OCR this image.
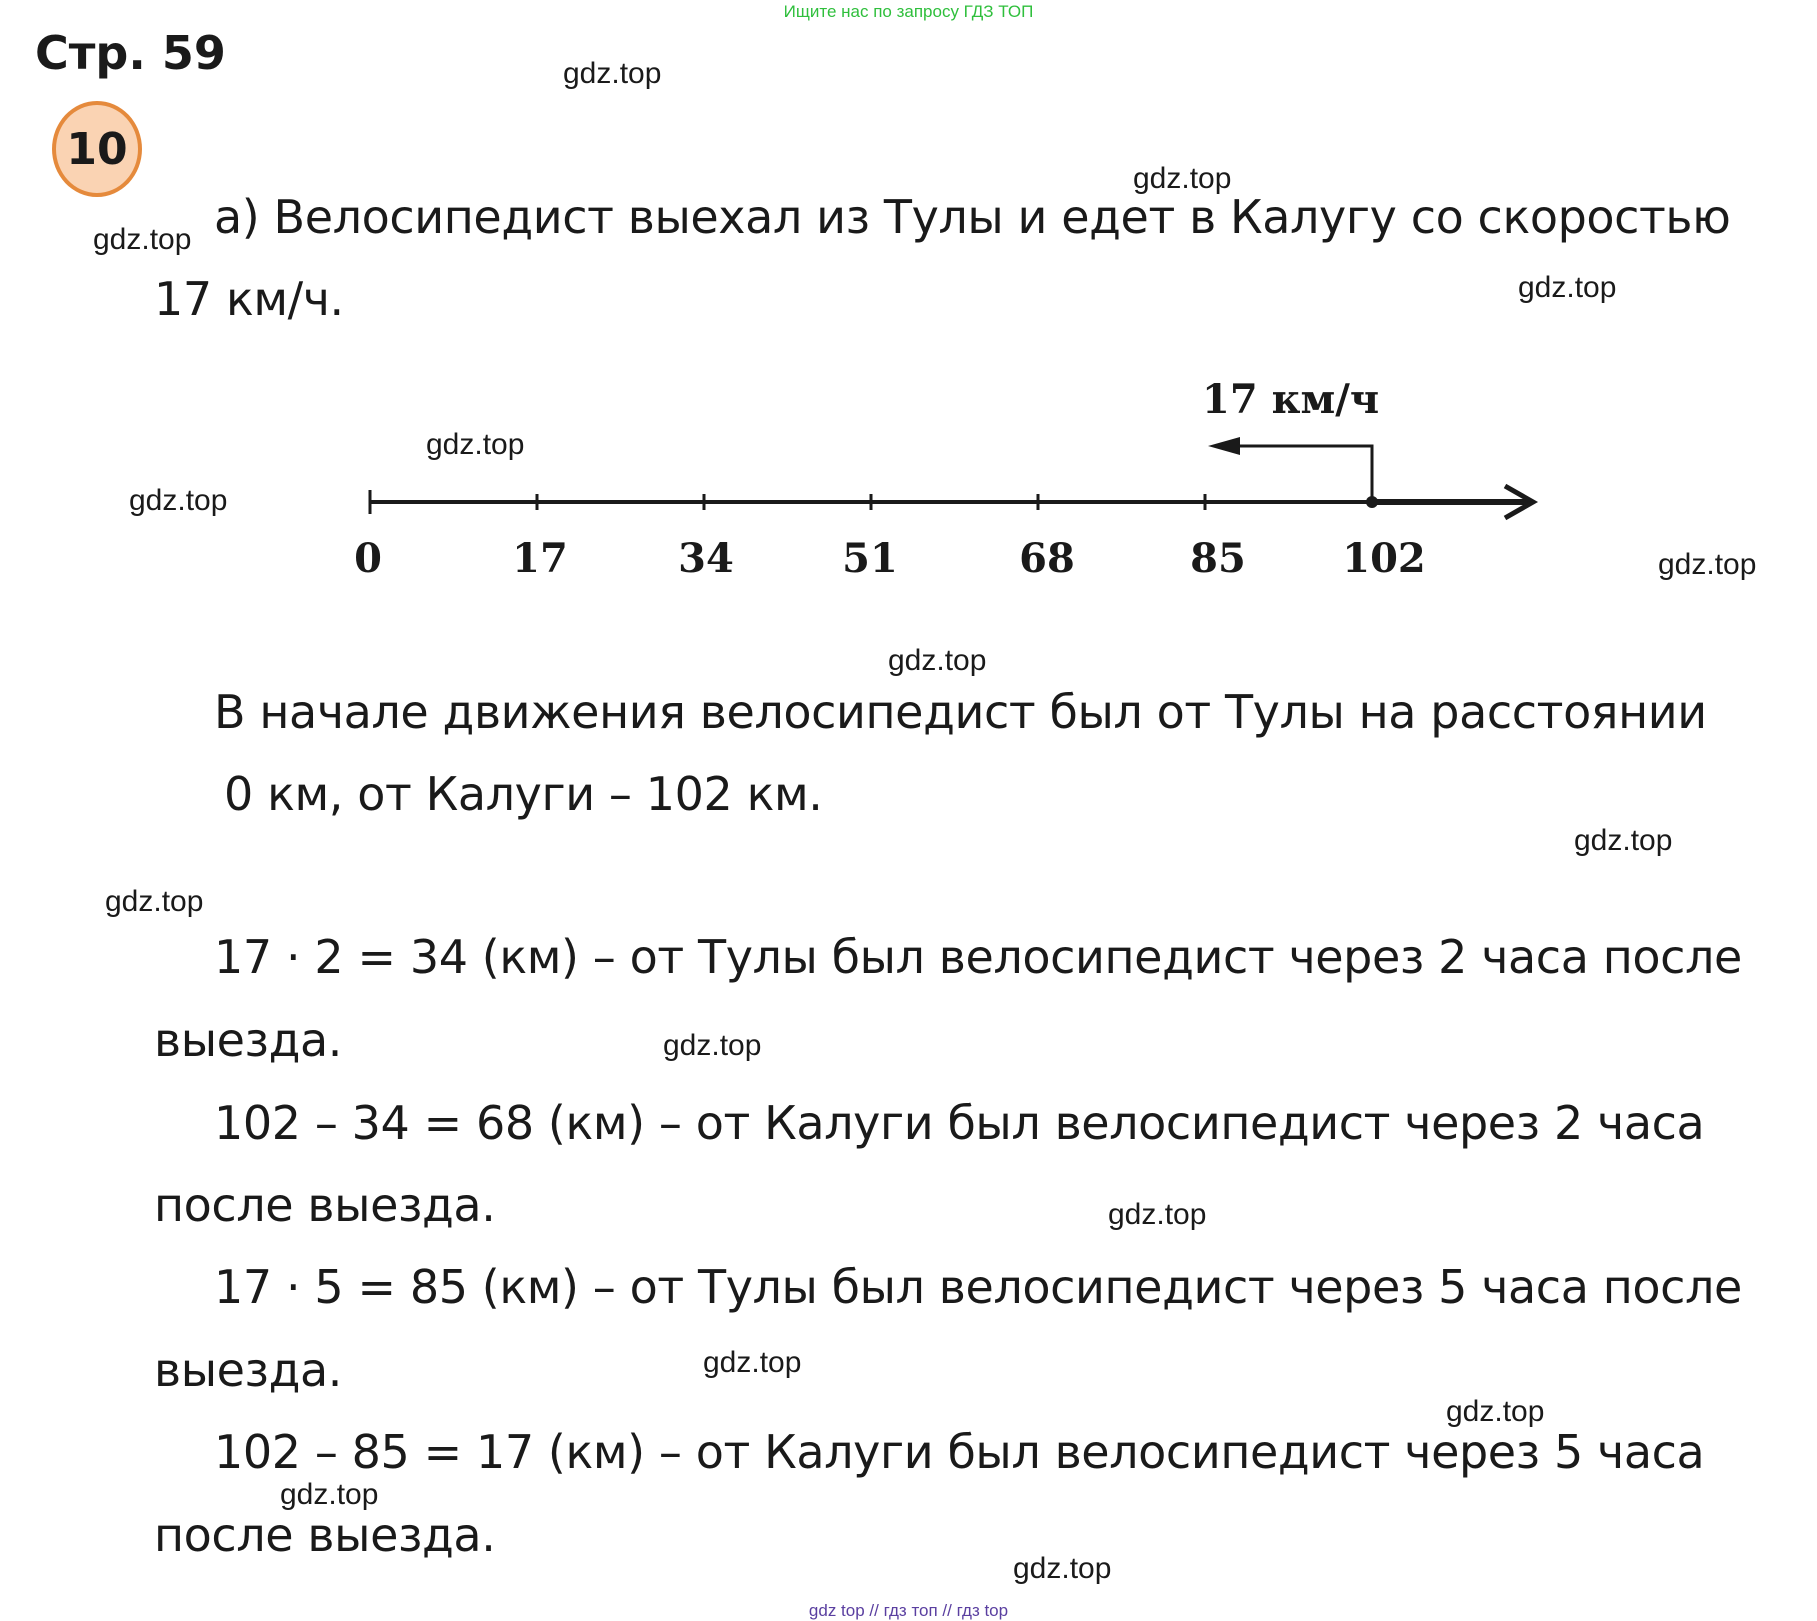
Ищите нас по запросу ГДЗ ТОП
Стр. 59
10
а) Велосипедист выехал из Тулы и едет в Калугу со скоростью
17 км/ч.
17 км/ч
0	17	34	51	68	85 102
В начале движения велосипедист был от Тулы на расстоянии
0 км, от Калуги – 102 км.
17 · 2 = 34 (км) – от Тулы был велосипедист через 2 часа после
выезда.
102 – 34 = 68 (км) – от Калуги был велосипедист через 2 часа
после выезда.
17 · 5 = 85 (км) – от Тулы был велосипедист через 5 часа после
выезда.
102 – 85 = 17 (км) – от Калуги был велосипедист через 5 часа
после выезда.
gdz.top
gdz.top
gdz.top
gdz.top
gdz.top
gdz.top
gdz.top
gdz.top
gdz.top
gdz.top
gdz.top
gdz.top
gdz.top
gdz.top
gdz.top
gdz.top
gdz top // гдз топ // гдз top
